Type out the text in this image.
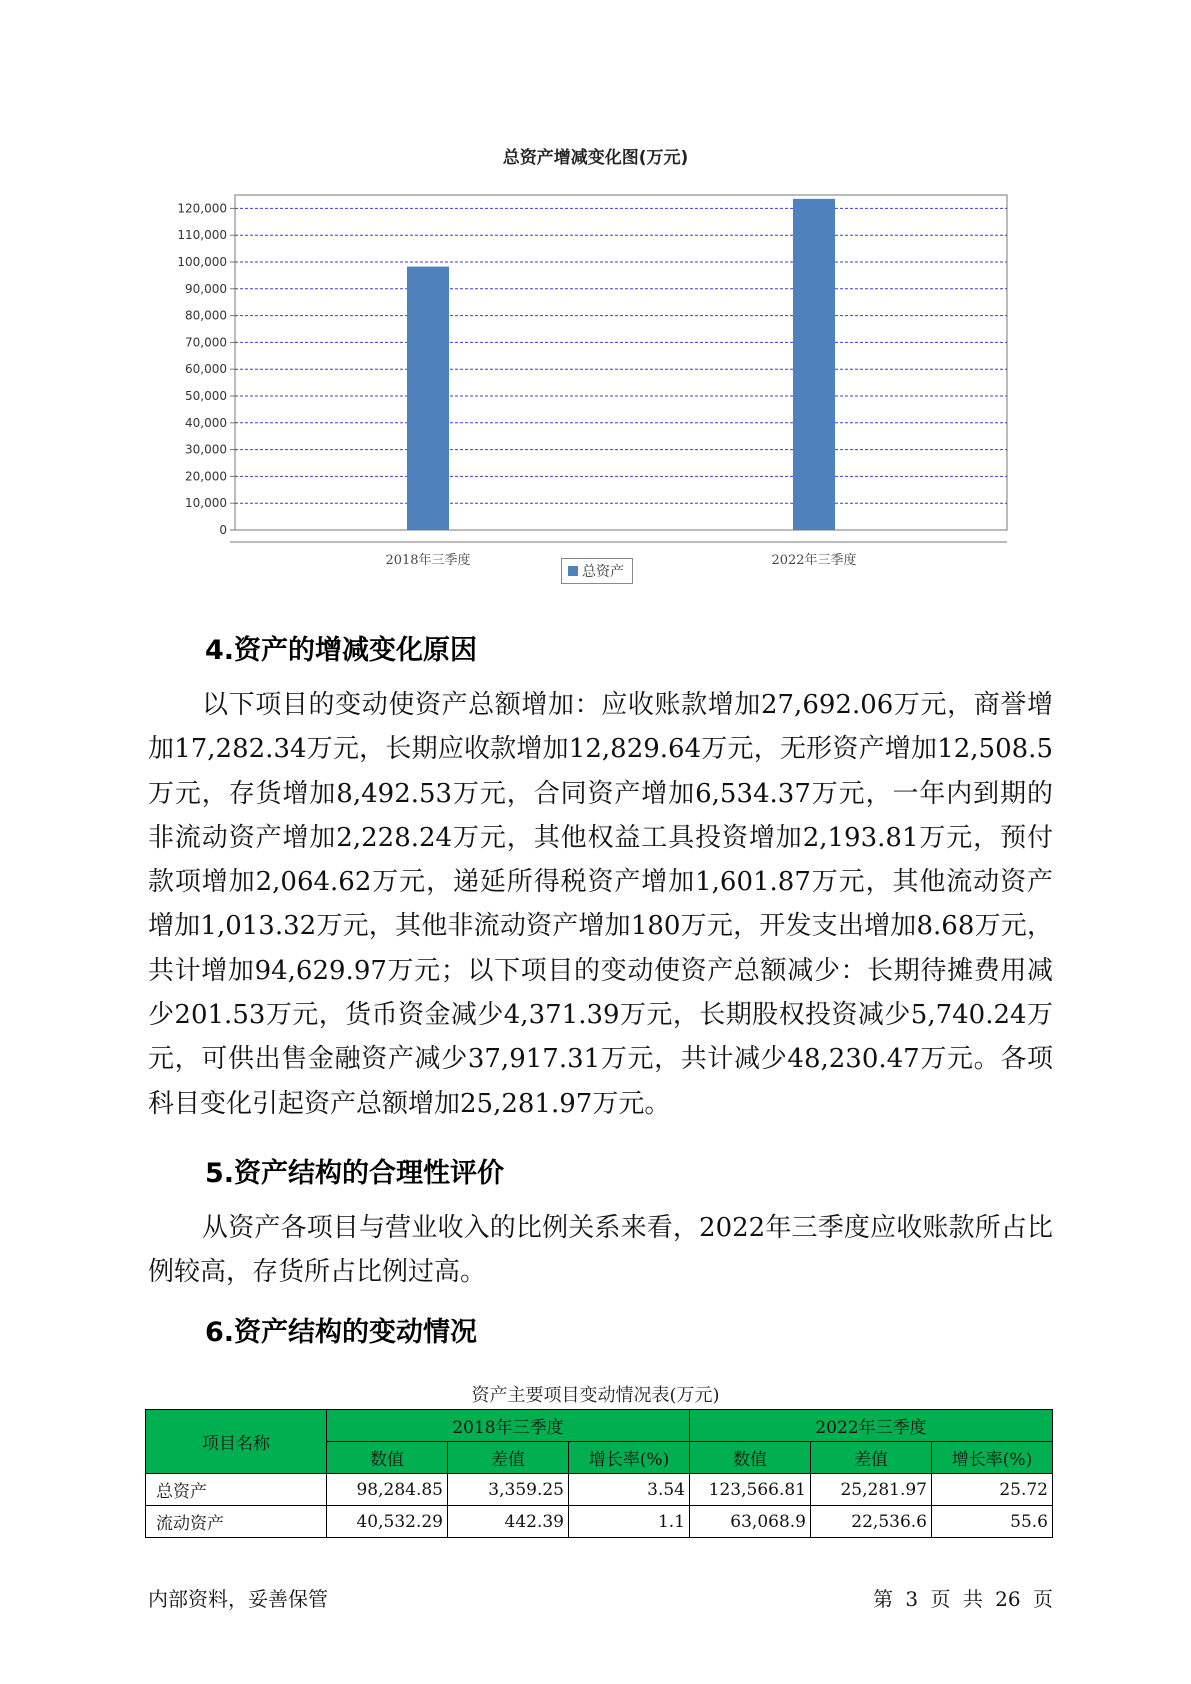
总资产增减变化图(万元)
0
10,000
20,000
30,000
40,000
50,000
60,000
70,000
80,000
90,000
100,000
110,000
120,000
2018年三季度	2022年三季度
总资产
4.资产的增减变化原因
以下项目的变动使资产总额增加：应收账款增加27,692.06万元，商誉增加17,282.34万元，长期应收款增加12,829.64万元，无形资产增加12,508.5万元，存货增加8,492.53万元，合同资产增加6,534.37万元，一年内到期的非流动资产增加2,228.24万元，其他权益工具投资增加2,193.81万元，预付款项增加2,064.62万元，递延所得税资产增加1,601.87万元，其他流动资产增加1,013.32万元，其他非流动资产增加180万元，开发支出增加8.68万元，共计增加94,629.97万元；以下项目的变动使资产总额减少：长期待摊费用减少201.53万元，货币资金减少4,371.39万元，长期股权投资减少5,740.24万元，可供出售金融资产减少37,917.31万元，共计减少48,230.47万元。各项科目变化引起资产总额增加25,281.97万元。
5.资产结构的合理性评价
从资产各项目与营业收入的比例关系来看，2022年三季度应收账款所占比例较高，存货所占比例过高。
6.资产结构的变动情况
资产主要项目变动情况表(万元)
项目名称	2018年三季度			2022年三季度		
	数值	差值	增长率(%)	数值	差值	增长率(%)
总资产	98,284.85	3,359.25	3.54	123,566.81	25,281.97	25.72
流动资产	40,532.29	442.39	1.1	63,068.9	22,536.6	55.6
内部资料，妥善保管	第 3 页 共 26 页
